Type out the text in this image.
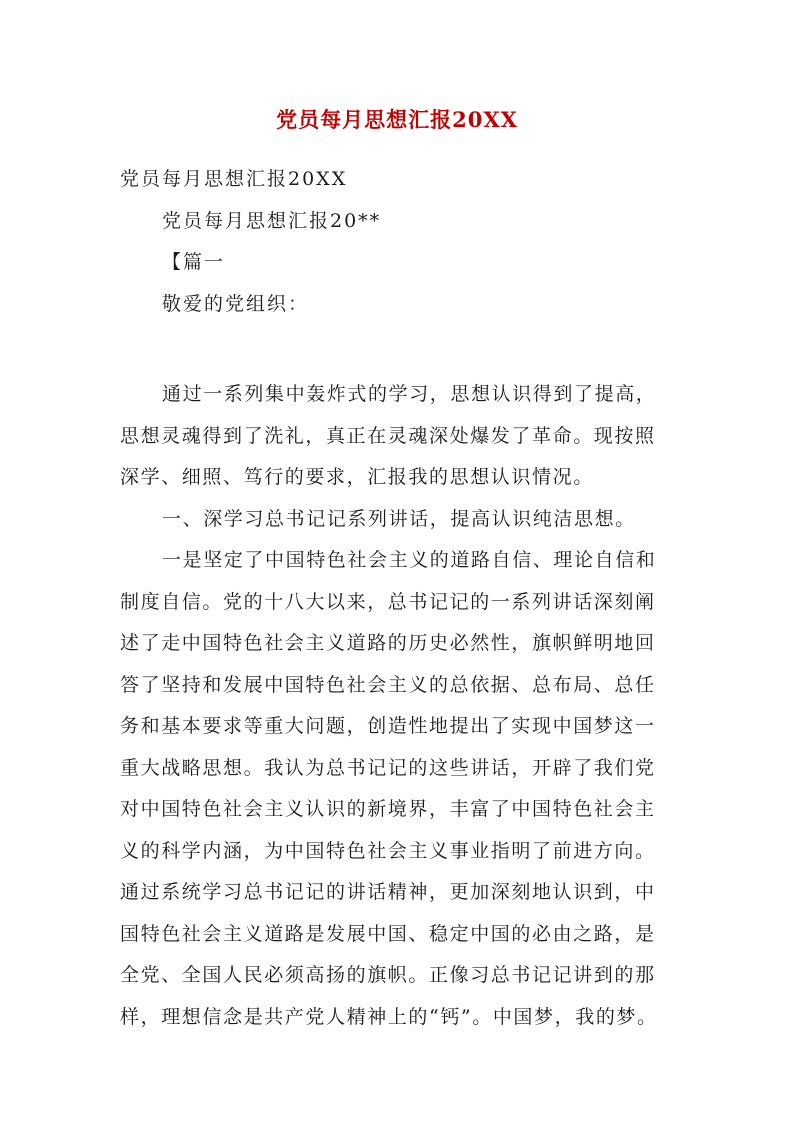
党员每月思想汇报20XX
党员每月思想汇报20XX
党员每月思想汇报20**
【篇一
敬爱的党组织：
通过一系列集中轰炸式的学习，思想认识得到了提高，
思想灵魂得到了洗礼，真正在灵魂深处爆发了革命。现按照
深学、细照、笃行的要求，汇报我的思想认识情况。
一、深学习总书记记系列讲话，提高认识纯洁思想。
一是坚定了中国特色社会主义的道路自信、理论自信和
制度自信。党的十八大以来，总书记记的一系列讲话深刻阐
述了走中国特色社会主义道路的历史必然性，旗帜鲜明地回
答了坚持和发展中国特色社会主义的总依据、总布局、总任
务和基本要求等重大问题，创造性地提出了实现中国梦这一
重大战略思想。我认为总书记记的这些讲话，开辟了我们党
对中国特色社会主义认识的新境界，丰富了中国特色社会主
义的科学内涵，为中国特色社会主义事业指明了前进方向。
通过系统学习总书记记的讲话精神，更加深刻地认识到，中
国特色社会主义道路是发展中国、稳定中国的必由之路，是
全党、全国人民必须高扬的旗帜。正像习总书记记讲到的那
样，理想信念是共产党人精神上的“钙”。中国梦，我的梦。
